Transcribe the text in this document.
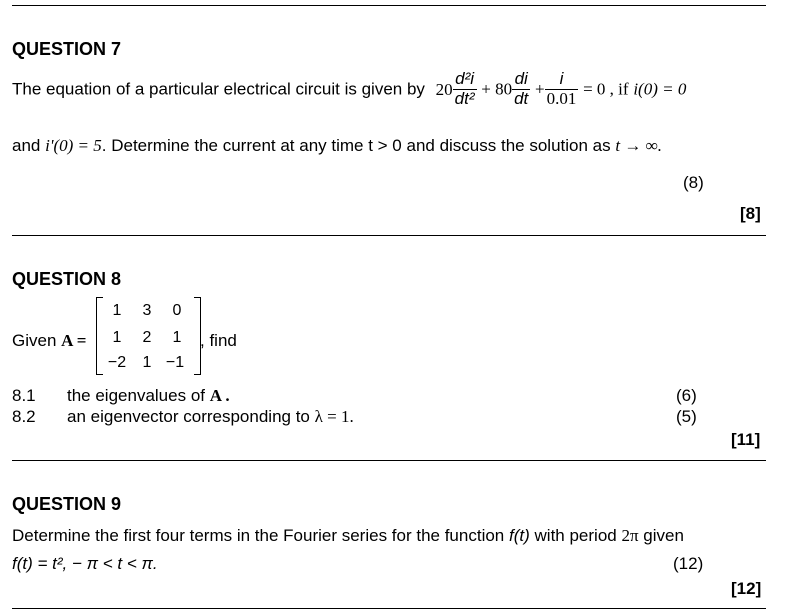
QUESTION 7
The equation of a particular electrical circuit is given by $20 \frac{\text{d²i}}{\text{dt²}} + 80 \frac{di}{dt} + \frac{i}{0.01} = 0$ , if i(0) = 0
and i'(0) = 5. Determine the current at any time t > 0 and discuss the solution as t → ∞.
(8)
[8]
QUESTION 8
Given A =
1	3	0
1	2	1
−2	1 −1
, find
8.1 the eigenvalues of A .	(6)
8.2 an eigenvector corresponding to λ = 1.	(5)
[11]
QUESTION 9
Determine the first four terms in the Fourier series for the function f(t) with period 2π given
f(t) = t², − π < t < π.	(12)
[12]
